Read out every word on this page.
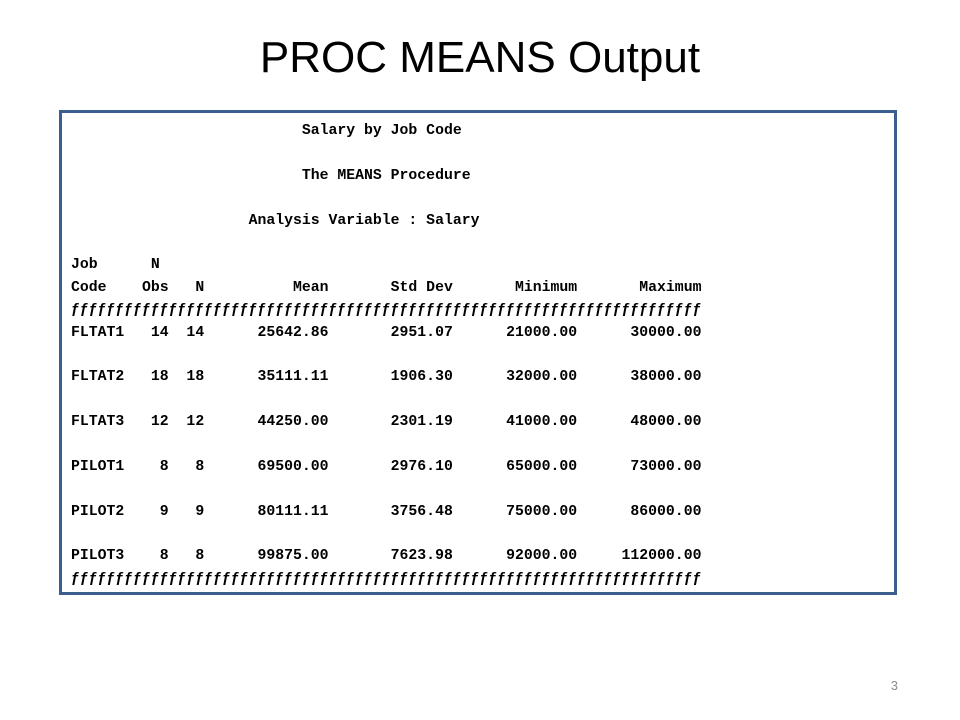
PROC MEANS Output
Salary by Job Code
The MEANS Procedure
Analysis Variable : Salary
Job      N
Code    Obs   N          Mean       Std Dev       Minimum       Maximum
ƒƒƒƒƒƒƒƒƒƒƒƒƒƒƒƒƒƒƒƒƒƒƒƒƒƒƒƒƒƒƒƒƒƒƒƒƒƒƒƒƒƒƒƒƒƒƒƒƒƒƒƒƒƒƒƒƒƒƒƒƒƒƒƒƒƒƒƒƒƒƒ
FLTAT1   14  14      25642.86       2951.07      21000.00      30000.00
FLTAT2   18  18      35111.11       1906.30      32000.00      38000.00
FLTAT3   12  12      44250.00       2301.19      41000.00      48000.00
PILOT1    8   8      69500.00       2976.10      65000.00      73000.00
PILOT2    9   9      80111.11       3756.48      75000.00      86000.00
PILOT3    8   8      99875.00       7623.98      92000.00     112000.00
ƒƒƒƒƒƒƒƒƒƒƒƒƒƒƒƒƒƒƒƒƒƒƒƒƒƒƒƒƒƒƒƒƒƒƒƒƒƒƒƒƒƒƒƒƒƒƒƒƒƒƒƒƒƒƒƒƒƒƒƒƒƒƒƒƒƒƒƒƒƒƒ
3
